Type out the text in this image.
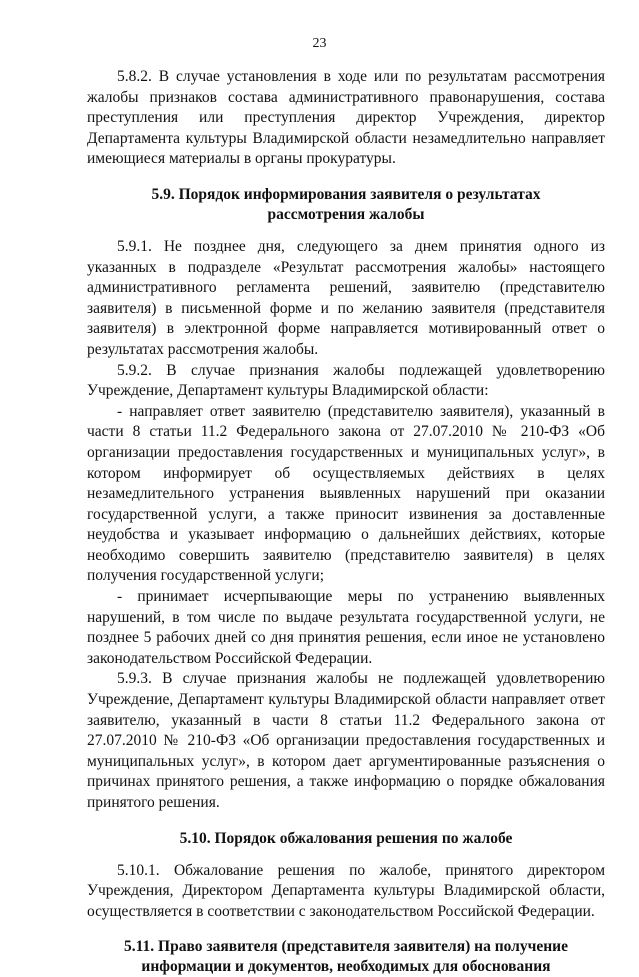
23

5.8.2. В случае установления в ходе или по результатам рассмотрения жалобы признаков состава административного правонарушения, состава преступления или преступления директор Учреждения, директор Департамента культуры Владимирской области незамедлительно направляет имеющиеся материалы в органы прокуратуры.

5.9. Порядок информирования заявителя о результатах
рассмотрения жалобы

5.9.1. Не позднее дня, следующего за днем принятия одного из указанных в подразделе «Результат рассмотрения жалобы» настоящего административного регламента решений, заявителю (представителю заявителя) в письменной форме и по желанию заявителя (представителя заявителя) в электронной форме направляется мотивированный ответ о результатах рассмотрения жалобы.

5.9.2. В случае признания жалобы подлежащей удовлетворению Учреждение, Департамент культуры Владимирской области:

- направляет ответ заявителю (представителю заявителя), указанный в части 8 статьи 11.2 Федерального закона от 27.07.2010 № 210-ФЗ «Об организации предоставления государственных и муниципальных услуг», в котором информирует об осуществляемых действиях в целях незамедлительного устранения выявленных нарушений при оказании государственной услуги, а также приносит извинения за доставленные неудобства и указывает информацию о дальнейших действиях, которые необходимо совершить заявителю (представителю заявителя) в целях получения государственной услуги;

- принимает исчерпывающие меры по устранению выявленных нарушений, в том числе по выдаче результата государственной услуги, не позднее 5 рабочих дней со дня принятия решения, если иное не установлено законодательством Российской Федерации.

5.9.3. В случае признания жалобы не подлежащей удовлетворению Учреждение, Департамент культуры Владимирской области направляет ответ заявителю, указанный в части 8 статьи 11.2 Федерального закона от 27.07.2010 № 210-ФЗ «Об организации предоставления государственных и муниципальных услуг», в котором дает аргументированные разъяснения о причинах принятого решения, а также информацию о порядке обжалования принятого решения.

5.10. Порядок обжалования решения по жалобе

5.10.1. Обжалование решения по жалобе, принятого директором Учреждения, Директором Департамента культуры Владимирской области, осуществляется в соответствии с законодательством Российской Федерации.

5.11. Право заявителя (представителя заявителя) на получение
информации и документов, необходимых для обоснования
